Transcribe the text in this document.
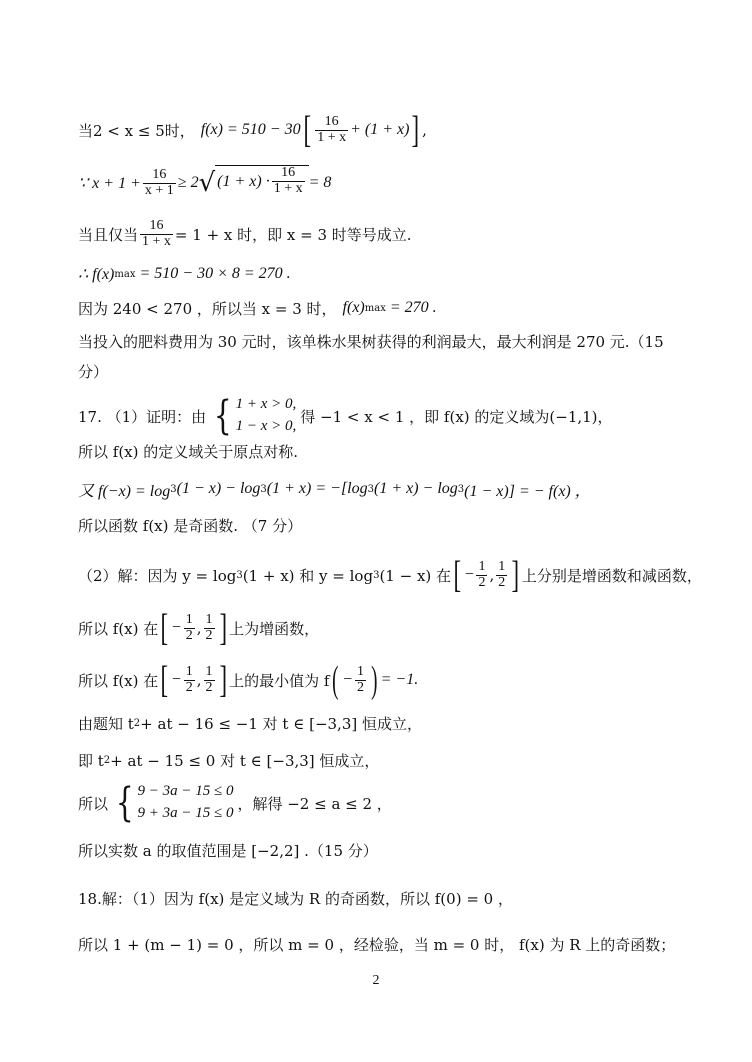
当2 < x ≤ 5时， f(x) = 510 − 30 [ $\frac{16}{1 + x} + (1 + x)$ ] ,
∵ $x + 1 + \frac{16}{x + 1} \ge 2$ √ $(1 + x) \cdot \frac{16}{1 + x} = 8$
当且仅当 $\frac{16}{1 + x} = 1 + x$ 时，即 x = 3 时等号成立.
∴ f(x) max = 510 − 30 × 8 = 270 .
因为 240 < 270 ，所以当 x = 3 时， f(x) max = 270 .
当投入的肥料费用为 30 元时，该单株水果树获得的利润最大，最大利润是 270 元.（15
分）
17. （1）证明：由 { 1 + x > 0,
1 − x > 0,
得 −1 < x < 1 ，即 f(x) 的定义域为(−1,1)，
所以 f(x) 的定义域关于原点对称.
又 f(−x) = log 3 (1 − x) − log 3 (1 + x) = −[log 3 (1 + x) − log 3 (1 − x)] = − f(x) ，
所以函数 f(x) 是奇函数. （7 分）
（2）解：因为 y = log 3 (1 + x) 和 y = log 3 (1 − x) 在 [ − $\frac{1}{2}$ , $\frac{1}{2}$ ] 上分别是增函数和减函数，
所以 f(x) 在 [ − $\frac{1}{2}$ , $\frac{1}{2}$ ] 上为增函数，
所以 f(x) 在 [ − $\frac{1}{2}$ , $\frac{1}{2}$ ] 上的最小值为 f ( − $\frac{1}{2}$ ) = −1.
由题知 t 2 + at − 16 ≤ −1 对 t ∈ [−3,3] 恒成立，
即 t 2 + at − 15 ≤ 0 对 t ∈ [−3,3] 恒成立，
所以 { 9 − 3a − 15 ≤ 0
9 + 3a − 15 ≤ 0
，解得 −2 ≤ a ≤ 2 ，
所以实数 a 的取值范围是 [−2,2] .（15 分）
18.解：（1）因为 f(x) 是定义域为 R 的奇函数，所以 f(0) = 0 ，
所以 1 + (m − 1) = 0 ，所以 m = 0 ，经检验，当 m = 0 时， f(x) 为 R 上的奇函数；
2
